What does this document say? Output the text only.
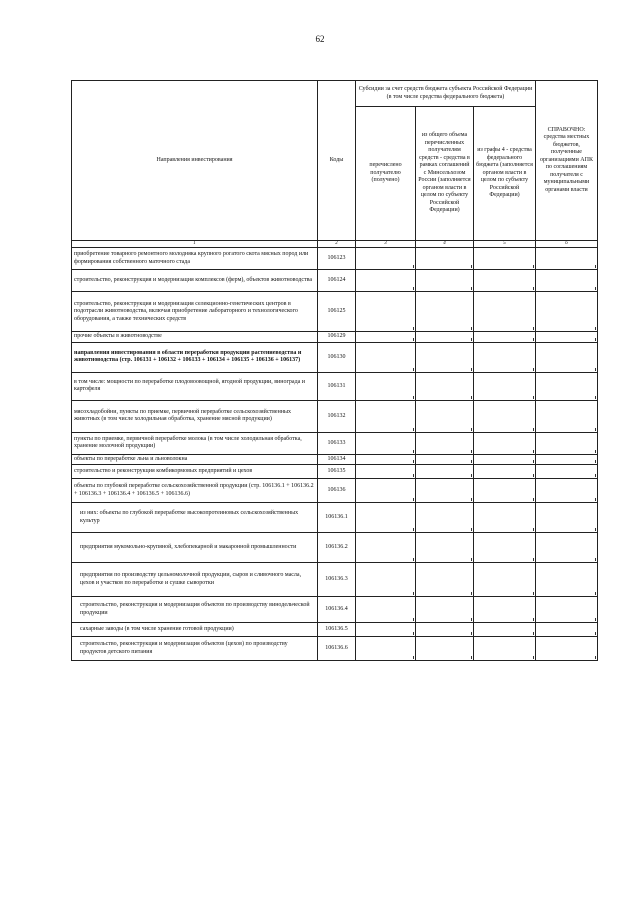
62
Направления инвестирования	Коды	Субсидии за счет средств бюджета субъекта Российской Федерации (в том числе средства федерального бюджета)			СПРАВОЧНО: средства местных бюджетов, полученные организациями АПК по соглашениям получателя с муниципальными органами власти
		перечислено получателю (получено)	из общего объема перечисленных получателям средств - средства в рамках соглашений с Минсельхозом России (заполняется органом власти в целом по субъекту Российской Федерации)	из графы 4 - средства федерального бюджета (заполняется органом власти в целом по субъекту Российской Федерации)	
1	2	3	4	5	6
приобретение товарного ремонтного молодняка крупного рогатого скота мясных пород или формирования собственного маточного стада	106123				
строительство, реконструкция и модернизация комплексов (ферм), объектов животноводства	106124				
строительство, реконструкция и модернизация селекционно-генетических центров в подотрасли животноводства, включая приобретение лабораторного и технологического оборудования, а также технических средств	106125				
прочие объекты в животноводстве	106129				
направления инвестирования в области переработки продукции растениеводства и животноводства (стр. 106131 + 106132 + 106133 + 106134 + 106135 + 106136 + 106137)	106130				
в том числе: мощности по переработке плодовоовощной, ягодной продукции, винограда и картофеля	106131				
мясохладобойни, пункты по приемке, первичной переработке сельскохозяйственных животных (в том числе холодильная обработка, хранение мясной продукции)	106132				
пункты по приемке, первичной переработке молока (в том числе холодильная обработка, хранение молочной продукции)	106133				
объекты по переработке льна и льноволокна	106134				
строительство и реконструкция комбикормовых предприятий и цехов	106135				
объекты по глубокой переработке сельскохозяйственной продукции (стр. 106136.1 + 106136.2 + 106136.3 + 106136.4 + 106136.5 + 106136.6)	106136				
из них: объекты по глубокой переработке высокопротеиновых сельскохозяйственных культур	106136.1				
предприятия мукомольно-крупяной, хлебопекарной и макаронной промышленности	106136.2				
предприятия по производству цельномолочной продукции, сыров и сливочного масла, цехов и участков по переработке и сушке сыворотки	106136.3				
строительство, реконструкция и модернизация объектов по производству винодельческой продукции	106136.4				
сахарные заводы (в том числе хранение готовой продукции)	106136.5				
строительство, реконструкция и модернизация объектов (цехов) по производству продуктов детского питания	106136.6				
